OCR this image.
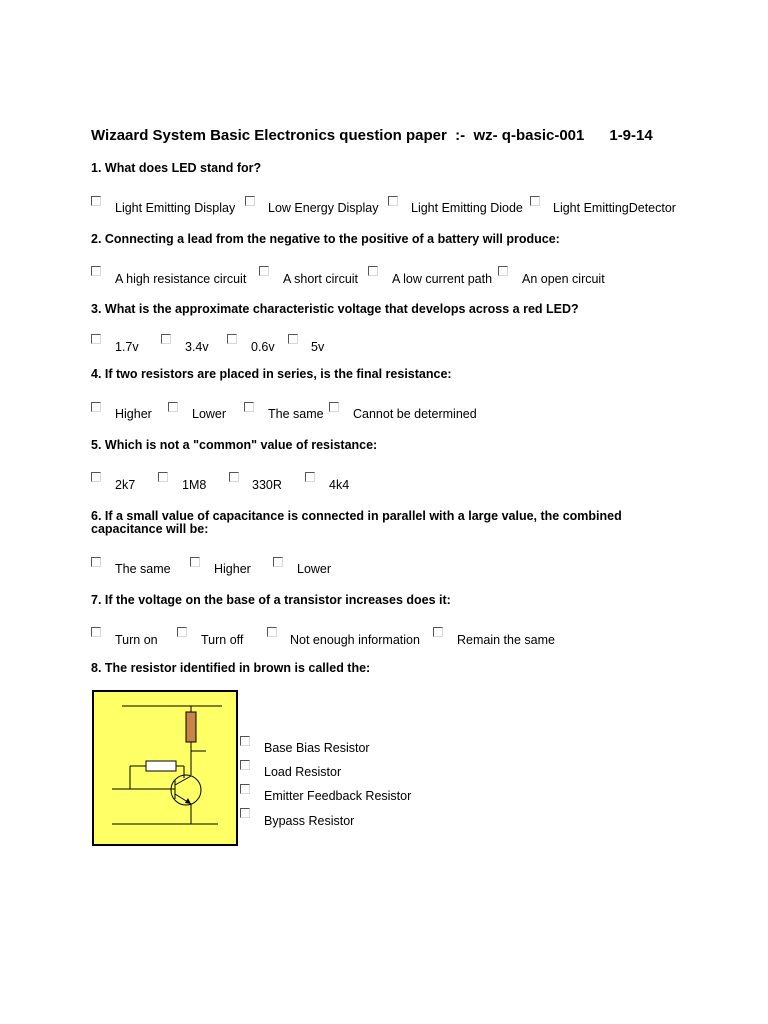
Wizaard System Basic Electronics question paper  :-  wz- q-basic-001      1-9-14
1. What does LED stand for?
Light Emitting Display	Low Energy Display	Light Emitting Diode Light EmittingDetector
2. Connecting a lead from the negative to the positive of a battery will produce:
A high resistance circuit	A short circuit	A low current path An open circuit
3. What is the approximate characteristic voltage that develops across a red LED?
1.7v	3.4v	0.6v	5v
4. If two resistors are placed in series, is the final resistance:
Higher	Lower	The same Cannot be determined
5. Which is not a "common" value of resistance:
2k7	1M8	330R	4k4
6. If a small value of capacitance is connected in parallel with a large value, the combined
capacitance will be:
The same	Higher	Lower
7. If the voltage on the base of a transistor increases does it:
Turn on	Turn off	Not enough information	Remain the same
8. The resistor identified in brown is called the:
Base Bias Resistor
Load Resistor
Emitter Feedback Resistor
Bypass Resistor
